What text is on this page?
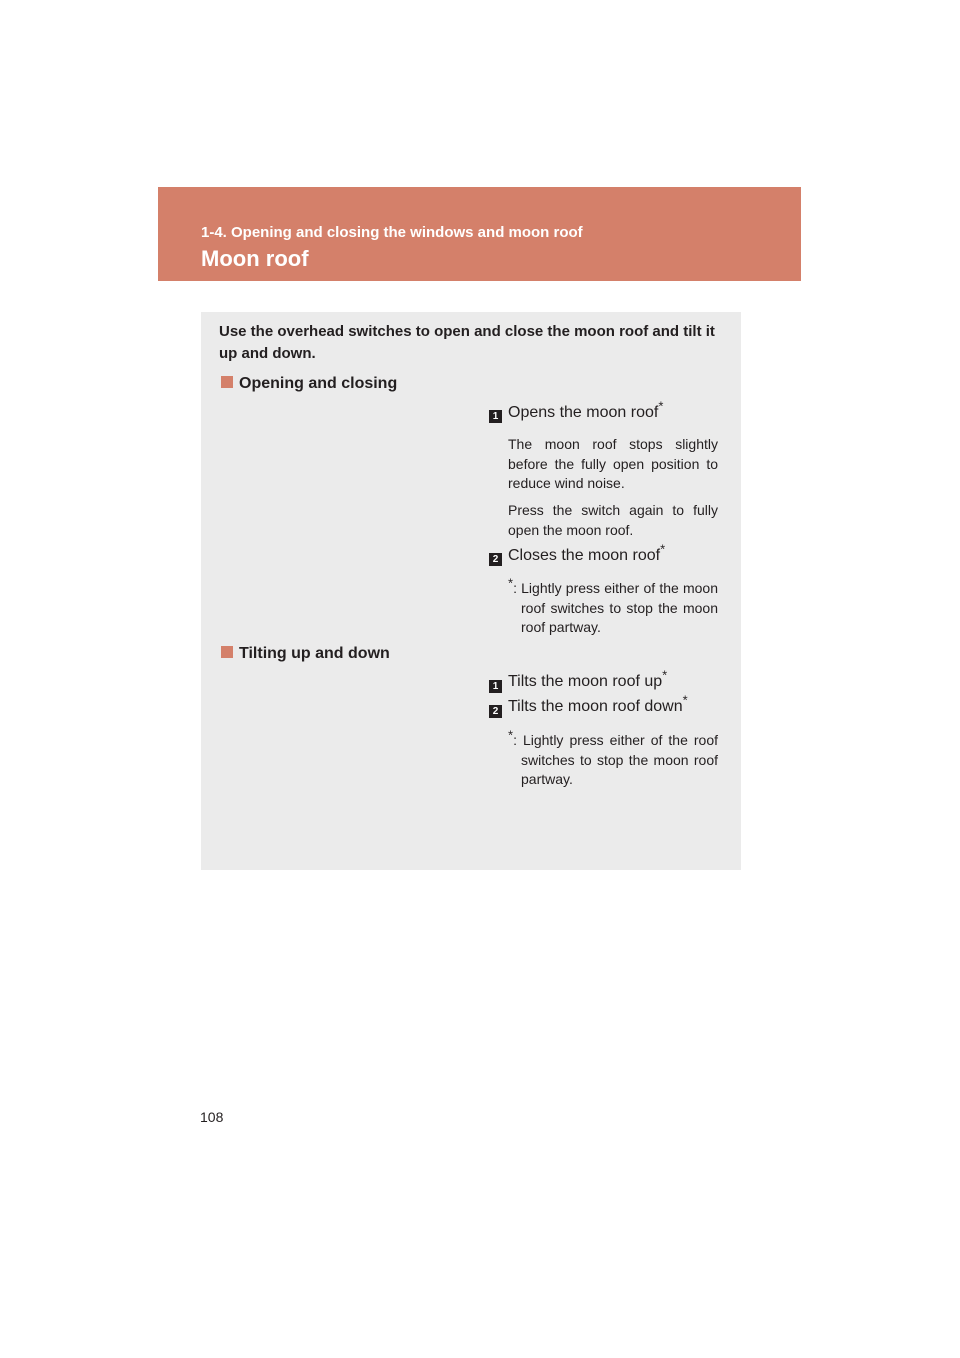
1-4. Opening and closing the windows and moon roof
Moon roof
Use the overhead switches to open and close the moon roof and tilt it up and down.
Opening and closing
1 Opens the moon roof*
The moon roof stops slightly before the fully open position to reduce wind noise.
Press the switch again to fully open the moon roof.
2 Closes the moon roof*
*: Lightly press either of the moon roof switches to stop the moon roof partway.
Tilting up and down
1 Tilts the moon roof up*
2 Tilts the moon roof down*
*: Lightly press either of the roof switches to stop the moon roof partway.
108
